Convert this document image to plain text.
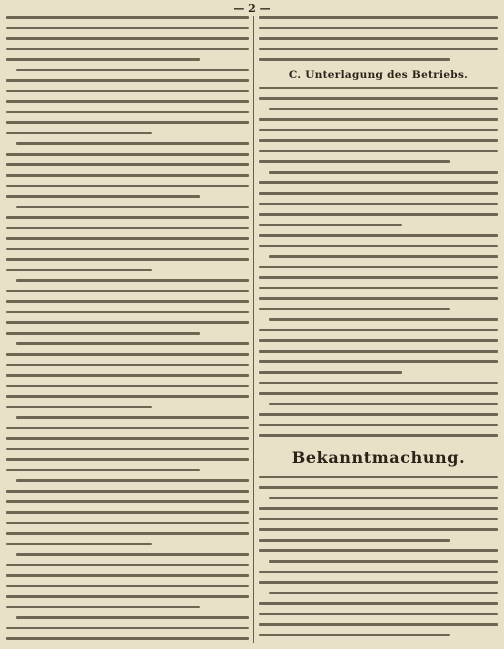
— 2 —
C. Unterlagung des Betriebs.
Bekanntmachung.
